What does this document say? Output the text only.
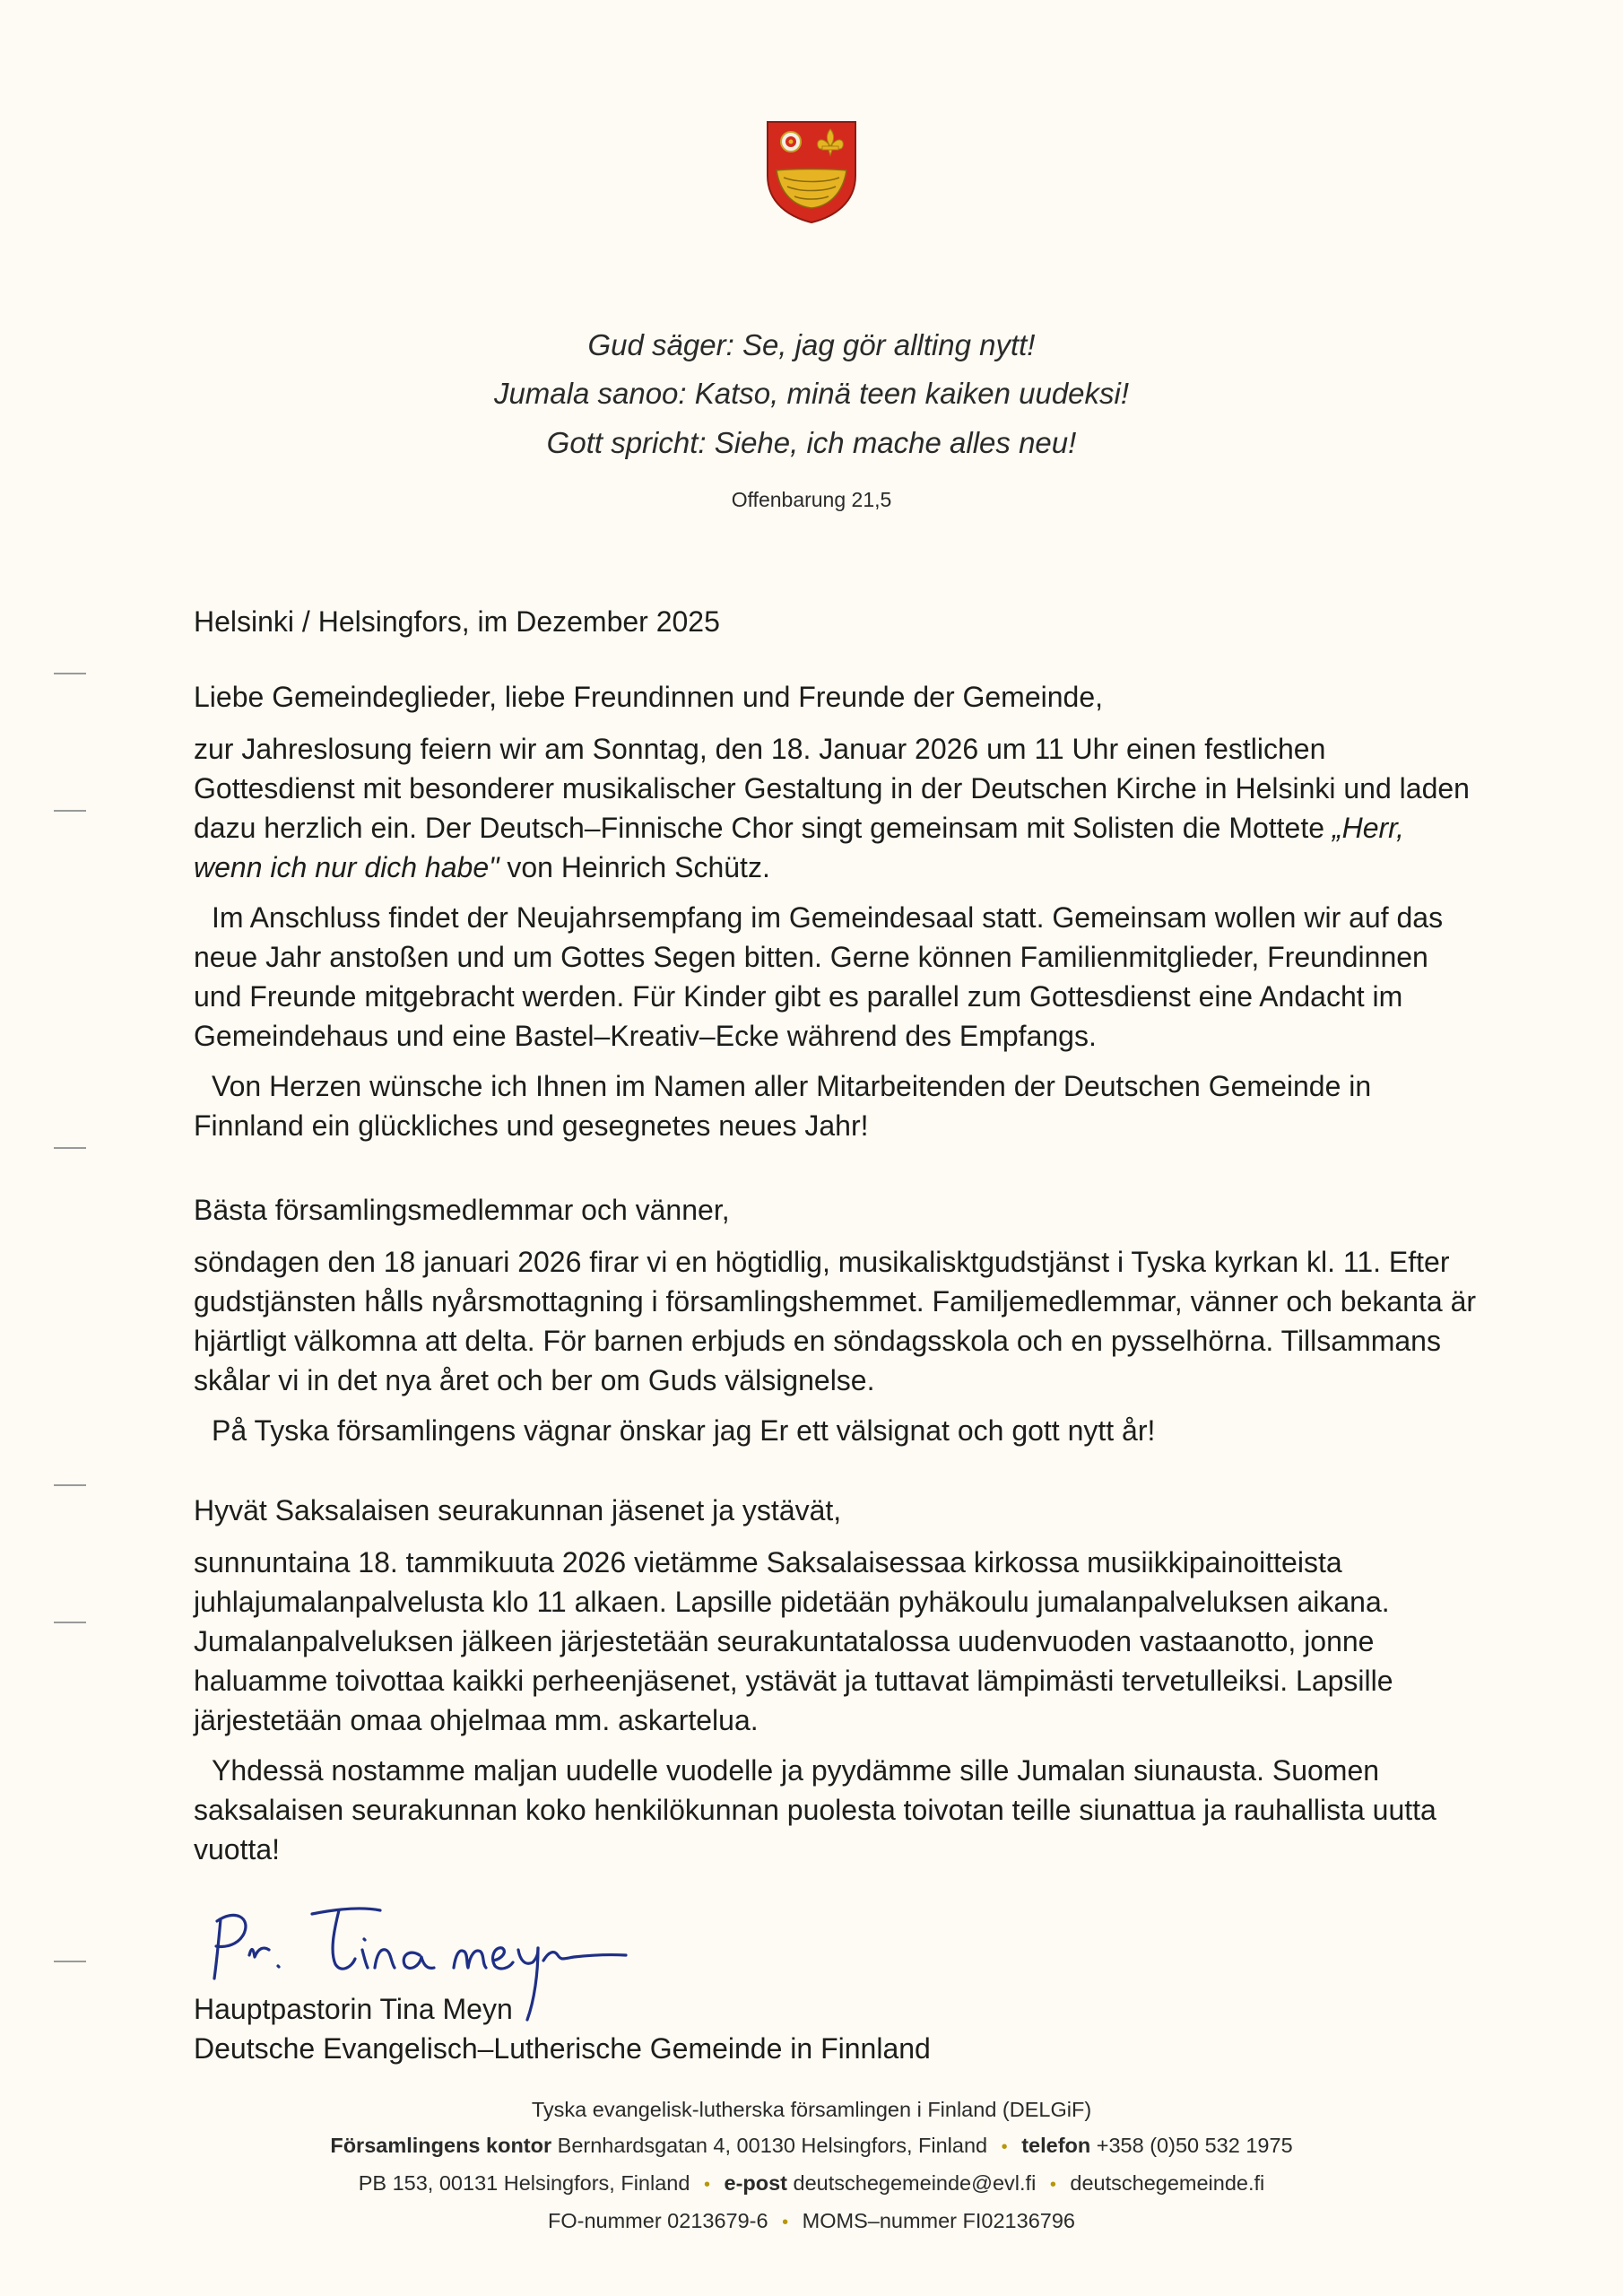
Gud säger: Se, jag gör allting nytt!
Jumala sanoo: Katso, minä teen kaiken uudeksi!
Gott spricht: Siehe, ich mache alles neu!
Offenbarung 21,5

Helsinki / Helsingfors, im Dezember 2025

Liebe Gemeindeglieder, liebe Freundinnen und Freunde der Gemeinde,

zur Jahreslosung feiern wir am Sonntag, den 18. Januar 2026 um 11 Uhr einen festlichen Gottesdienst mit besonderer musikalischer Gestaltung in der Deutschen Kirche in Helsinki und laden dazu herzlich ein. Der Deutsch–Finnische Chor singt gemeinsam mit Solisten die Mottete „Herr, wenn ich nur dich habe" von Heinrich Schütz.

Im Anschluss findet der Neujahrsempfang im Gemeindesaal statt. Gemeinsam wollen wir auf das neue Jahr anstoßen und um Gottes Segen bitten. Gerne können Familienmitglieder, Freundinnen und Freunde mitgebracht werden. Für Kinder gibt es parallel zum Gottesdienst eine Andacht im Gemeindehaus und eine Bastel–Kreativ–Ecke während des Empfangs.

Von Herzen wünsche ich Ihnen im Namen aller Mitarbeitenden der Deutschen Gemeinde in Finnland ein glückliches und gesegnetes neues Jahr!

Bästa församlingsmedlemmar och vänner,

söndagen den 18 januari 2026 firar vi en högtidlig, musikalisktgudstjänst i Tyska kyrkan kl. 11. Efter gudstjänsten hålls nyårsmottagning i församlingshemmet. Familjemedlemmar, vänner och bekanta är hjärtligt välkomna att delta. För barnen erbjuds en söndagsskola och en pysselhörna. Tillsammans skålar vi in det nya året och ber om Guds välsignelse.

På Tyska församlingens vägnar önskar jag Er ett välsignat och gott nytt år!

Hyvät Saksalaisen seurakunnan jäsenet ja ystävät,

sunnuntaina 18. tammikuuta 2026 vietämme Saksalaisessaa kirkossa musiikkipainoitteista juhlajumalanpalvelusta klo 11 alkaen. Lapsille pidetään pyhäkoulu jumalanpalveluksen aikana. Jumalanpalveluksen jälkeen järjestetään seurakuntatalossa uudenvuoden vastaanotto, jonne haluamme toivottaa kaikki perheenjäsenet, ystävät ja tuttavat lämpimästi tervetulleiksi. Lapsille järjestetään omaa ohjelmaa mm. askartelua.

Yhdessä nostamme maljan uudelle vuodelle ja pyydämme sille Jumalan siunausta. Suomen saksalaisen seurakunnan koko henkilökunnan puolesta toivotan teille siunattua ja rauhallista uutta vuotta!

Hauptpastorin Tina Meyn

Deutsche Evangelisch–Lutherische Gemeinde in Finnland

Tyska evangelisk-lutherska församlingen i Finland (DELGiF)

Församlingens kontor Bernhardsgatan 4, 00130 Helsingfors, Finland • telefon +358 (0)50 532 1975

PB 153, 00131 Helsingfors, Finland • e-post deutschegemeinde@evl.fi • deutschegemeinde.fi

FO-nummer 0213679-6 • MOMS–nummer FI02136796
